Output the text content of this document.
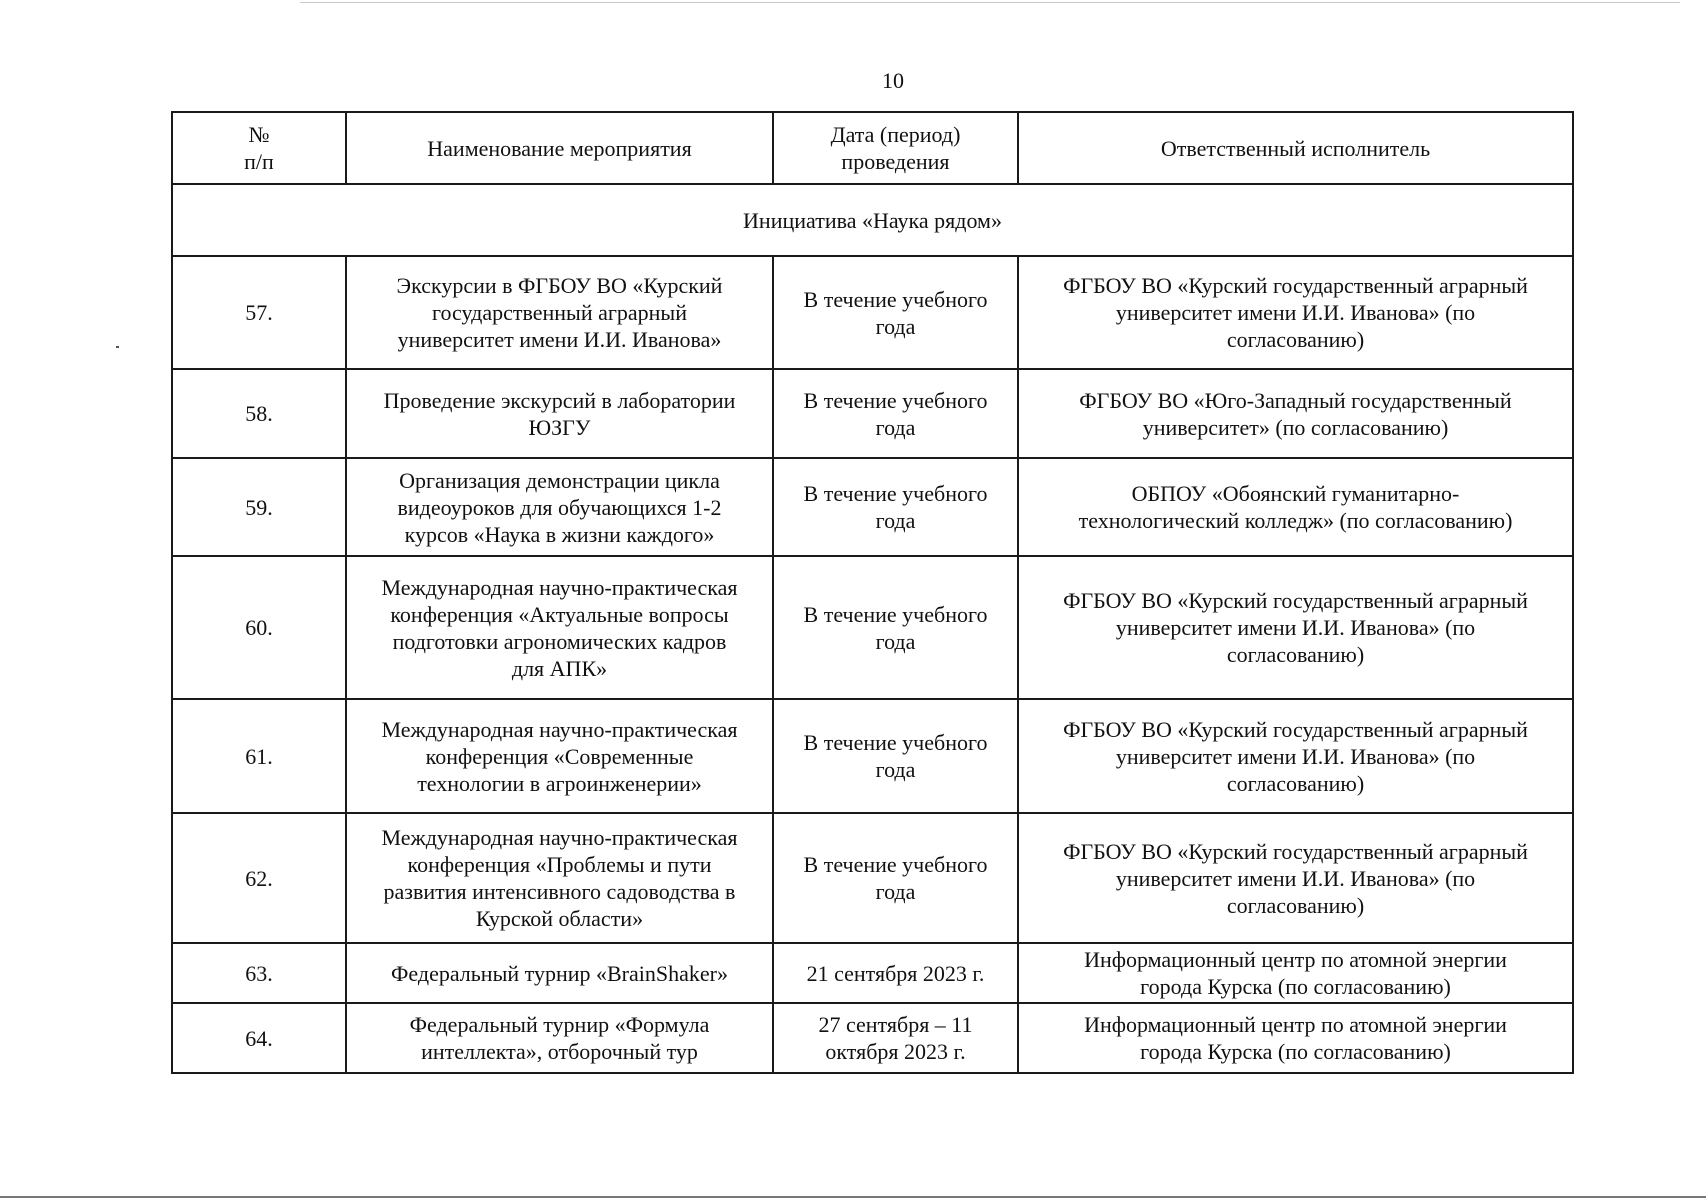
10
№
п/п	Наименование мероприятия	Дата (период)
проведения	Ответственный исполнитель

Инициатива «Наука рядом»			

57.	Экскурсии в ФГБОУ ВО «Курский
государственный аграрный
университет имени И.И. Иванова»	В течение учебного
года	ФГБОУ ВО «Курский государственный аграрный
университет имени И.И. Иванова» (по
согласованию)

58.	Проведение экскурсий в лаборатории
ЮЗГУ	В течение учебного
года	ФГБОУ ВО «Юго-Западный государственный
университет» (по согласованию)

59.	Организация демонстрации цикла
видеоуроков для обучающихся 1-2
курсов «Наука в жизни каждого»	В течение учебного
года	ОБПОУ «Обоянский гуманитарно-
технологический колледж» (по согласованию)

60.	Международная научно-практическая
конференция «Актуальные вопросы
подготовки агрономических кадров
для АПК»	В течение учебного
года	ФГБОУ ВО «Курский государственный аграрный
университет имени И.И. Иванова» (по
согласованию)

61.	Международная научно-практическая
конференция «Современные
технологии в агроинженерии»	В течение учебного
года	ФГБОУ ВО «Курский государственный аграрный
университет имени И.И. Иванова» (по
согласованию)

62.	Международная научно-практическая
конференция «Проблемы и пути
развития интенсивного садоводства в
Курской области»	В течение учебного
года	ФГБОУ ВО «Курский государственный аграрный
университет имени И.И. Иванова» (по
согласованию)

63.	Федеральный турнир «BrainShaker»	21 сентября 2023 г.	Информационный центр по атомной энергии
города Курска (по согласованию)

64.	Федеральный турнир «Формула
интеллекта», отборочный тур	27 сентября – 11
октября 2023 г.	Информационный центр по атомной энергии
города Курска (по согласованию)
